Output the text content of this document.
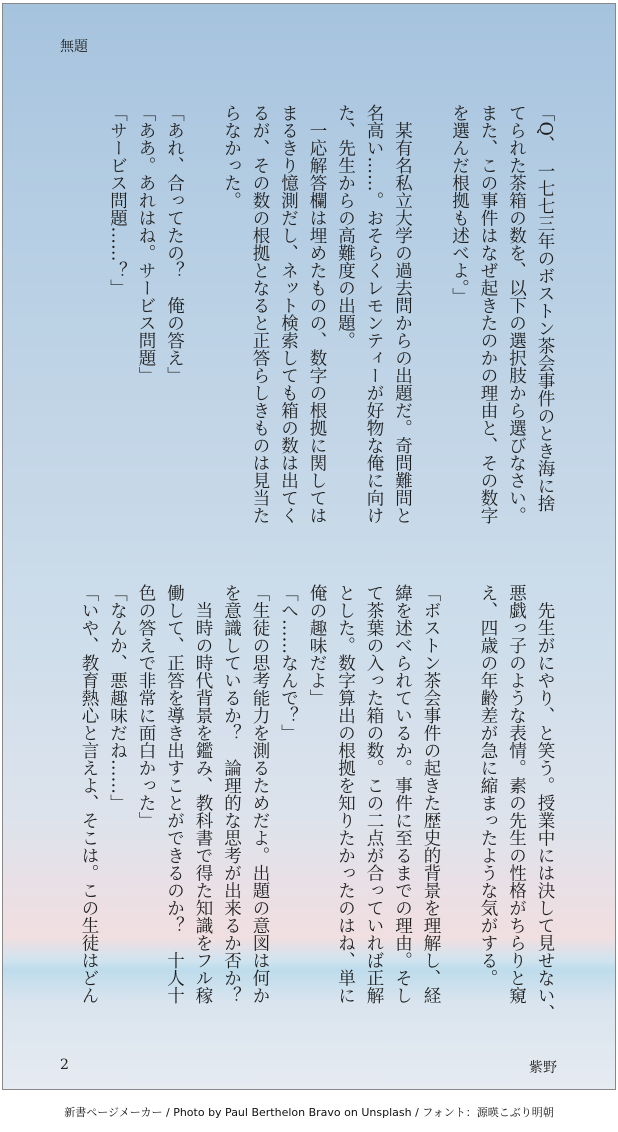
無題
「Q、　一七七三年のボストン茶会事件のとき海に捨
てられた茶箱の数を、以下の選択肢から選びなさい。
また、この事件はなぜ起きたのかの理由と、その数字
を選んだ根拠も述べよ。」
　某有名私立大学の過去問からの出題だ。奇問難問と
名高い……。おそらくレモンティーが好物な俺に向け
た、先生からの高難度の出題。
　一応解答欄は埋めたものの、数字の根拠に関しては
まるきり憶測だし、ネット検索しても箱の数は出てく
るが、その数の根拠となると正答らしきものは見当た
らなかった。
「あれ、合ってたの？　俺の答え」
「ああ。あれはね。サービス問題」
「サービス問題……？」
　先生がにやり、と笑う。授業中には決して見せない、
悪戯っ子のような表情。素の先生の性格がちらりと窺
え、四歳の年齢差が急に縮まったような気がする。
「ボストン茶会事件の起きた歴史的背景を理解し、経
緯を述べられているか。事件に至るまでの理由。そし
て茶葉の入った箱の数。この二点が合っていれば正解
とした。数字算出の根拠を知りたかったのはね、単に
俺の趣味だよ」
「へ……なんで？」
「生徒の思考能力を測るためだよ。出題の意図は何か
を意識しているか？　論理的な思考が出来るか否か？
　当時の時代背景を鑑み、教科書で得た知識をフル稼
働して、正答を導き出すことができるのか？　十人十
色の答えで非常に面白かった」
「なんか、悪趣味だね……」
「いや、教育熱心と言えよ、そこは。この生徒はどん
2	紫野
新書ページメーカー / Photo by Paul Berthelon Bravo on Unsplash / フォント：源暎こぶり明朝
